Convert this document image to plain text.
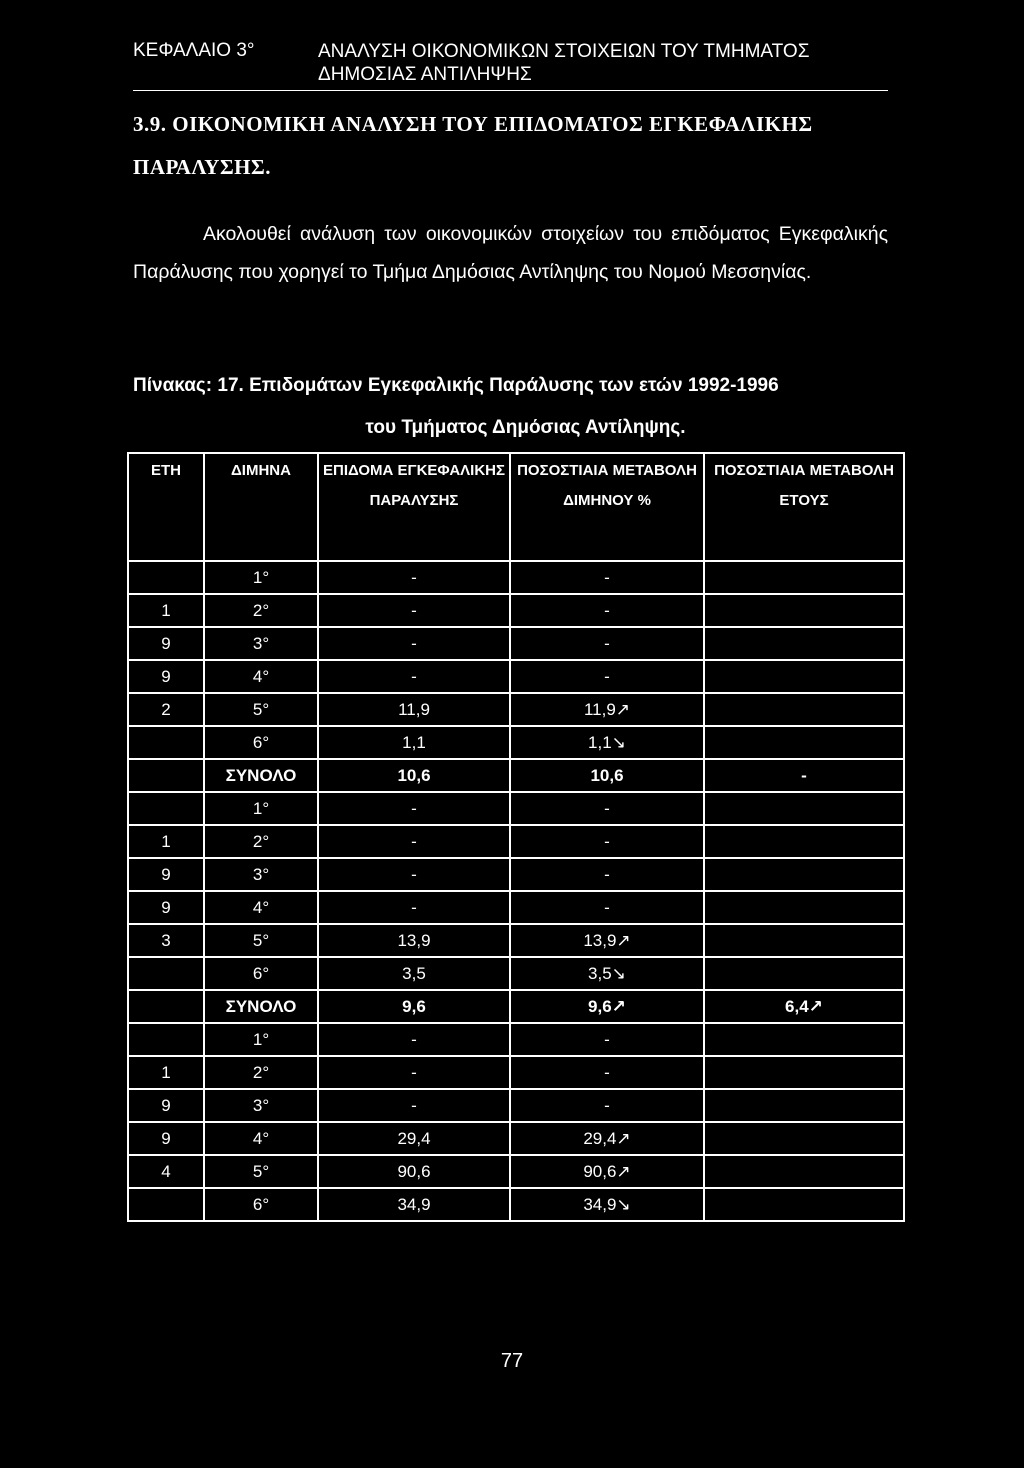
ΚΕΦΑΛΑΙΟ 3°	ΑΝΑΛΥΣΗ ΟΙΚΟΝΟΜΙΚΩΝ ΣΤΟΙΧΕΙΩΝ ΤΟΥ ΤΜΗΜΑΤΟΣ
ΔΗΜΟΣΙΑΣ ΑΝΤΙΛΗΨΗΣ
3.9. ΟΙΚΟΝΟΜΙΚΗ ΑΝΑΛΥΣΗ ΤΟΥ ΕΠΙΔΟΜΑΤΟΣ ΕΓΚΕΦΑΛΙΚΗΣ ΠΑΡΑΛΥΣΗΣ.
Ακολουθεί ανάλυση των οικονομικών στοιχείων του επιδόματος Εγκεφαλικής Παράλυσης που χορηγεί το Τμήμα Δημόσιας Αντίληψης του Νομού Μεσσηνίας.
Πίνακας: 17. Επιδομάτων Εγκεφαλικής Παράλυσης των ετών 1992-1996
του Τμήματος Δημόσιας Αντίληψης.
ΕΤΗ	ΔΙΜΗΝΑ	ΕΠΙΔΟΜΑ ΕΓΚΕΦΑΛΙΚΗΣ ΠΑΡΑΛΥΣΗΣ	ΠΟΣΟΣΤΙΑΙΑ ΜΕΤΑΒΟΛΗ ΔΙΜΗΝΟΥ %	ΠΟΣΟΣΤΙΑΙΑ ΜΕΤΑΒΟΛΗ ΕΤΟΥΣ
	1°	-	-	
1	2°	-	-	
9	3°	-	-	
9	4°	-	-	
2	5°	11,9	11,9↗	
	6°	1,1	1,1↘	
	ΣΥΝΟΛΟ	10,6	10,6	-
	1°	-	-	
1	2°	-	-	
9	3°	-	-	
9	4°	-	-	
3	5°	13,9	13,9↗	
	6°	3,5	3,5↘	
	ΣΥΝΟΛΟ	9,6	9,6↗	6,4↗
	1°	-	-	
1	2°	-	-	
9	3°	-	-	
9	4°	29,4	29,4↗	
4	5°	90,6	90,6↗	
	6°	34,9	34,9↘	
77
